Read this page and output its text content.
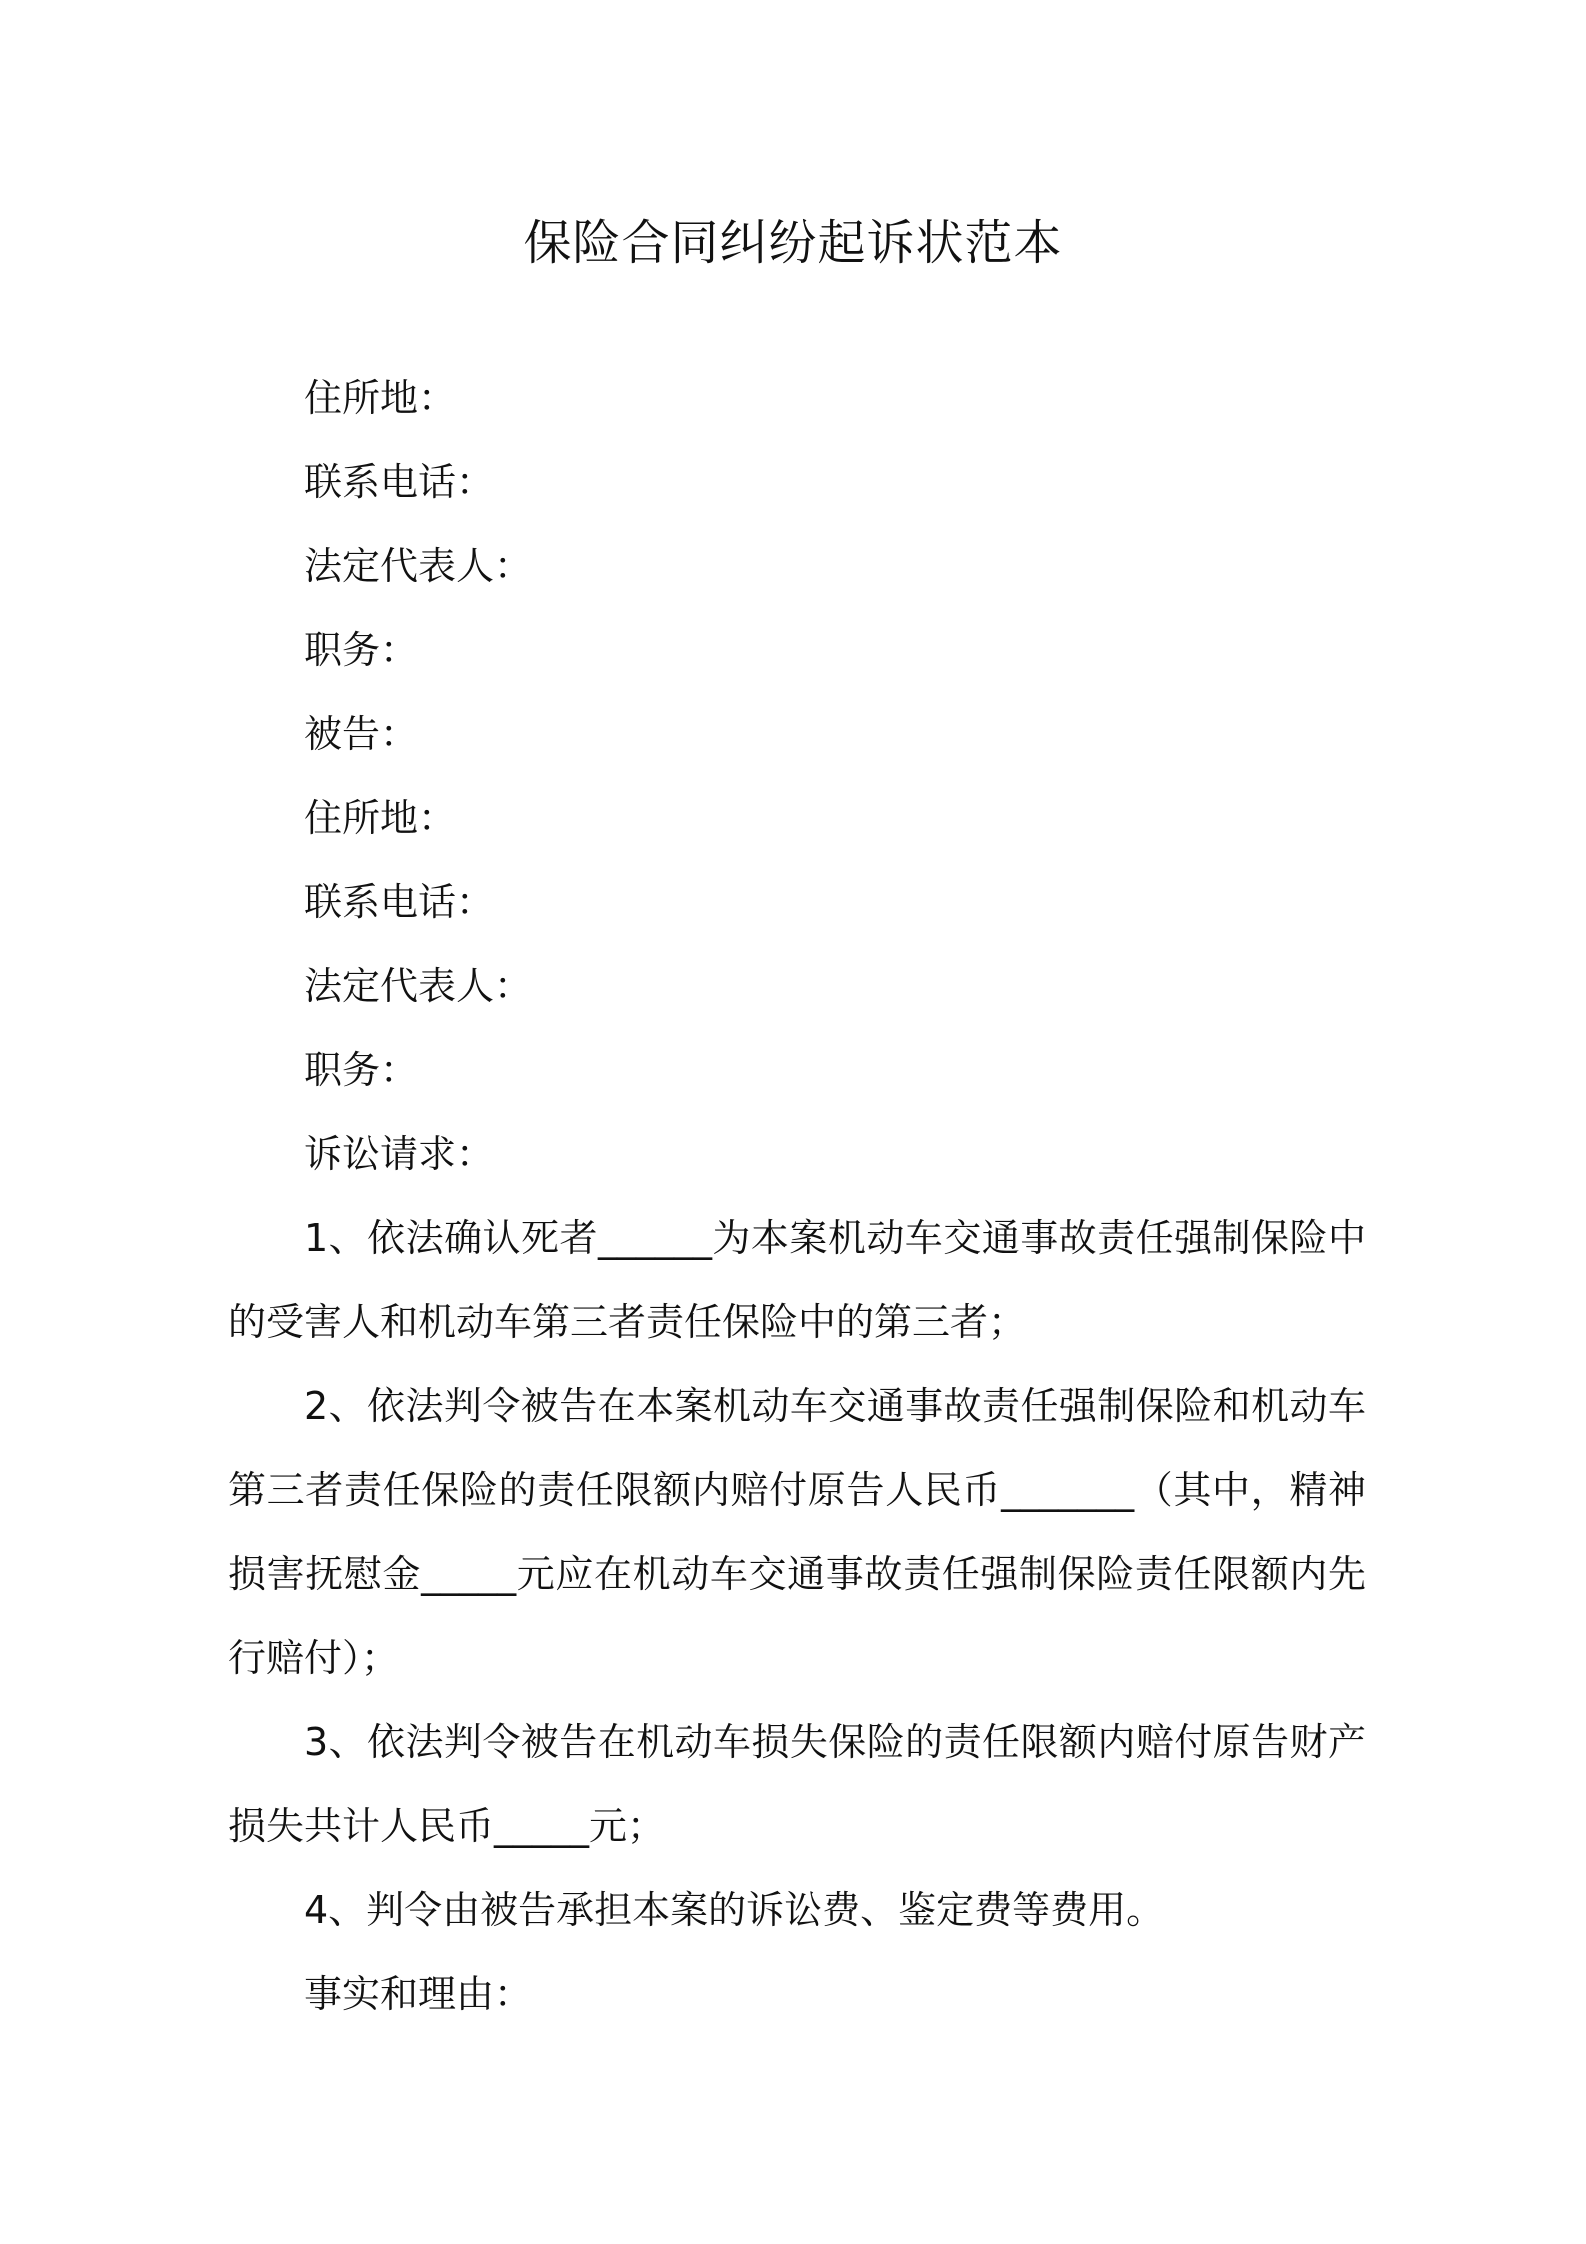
保险合同纠纷起诉状范本

住所地：

联系电话：

法定代表人：

职务：

被告：

住所地：

联系电话：

法定代表人：

职务：

诉讼请求：

1、依法确认死者______为本案机动车交通事故责任强制保险中的受害人和机动车第三者责任保险中的第三者；

2、依法判令被告在本案机动车交通事故责任强制保险和机动车第三者责任保险的责任限额内赔付原告人民币_______（其中，精神损害抚慰金_____元应在机动车交通事故责任强制保险责任限额内先行赔付）；

3、依法判令被告在机动车损失保险的责任限额内赔付原告财产损失共计人民币_____元；

4、判令由被告承担本案的诉讼费、鉴定费等费用。

事实和理由：
